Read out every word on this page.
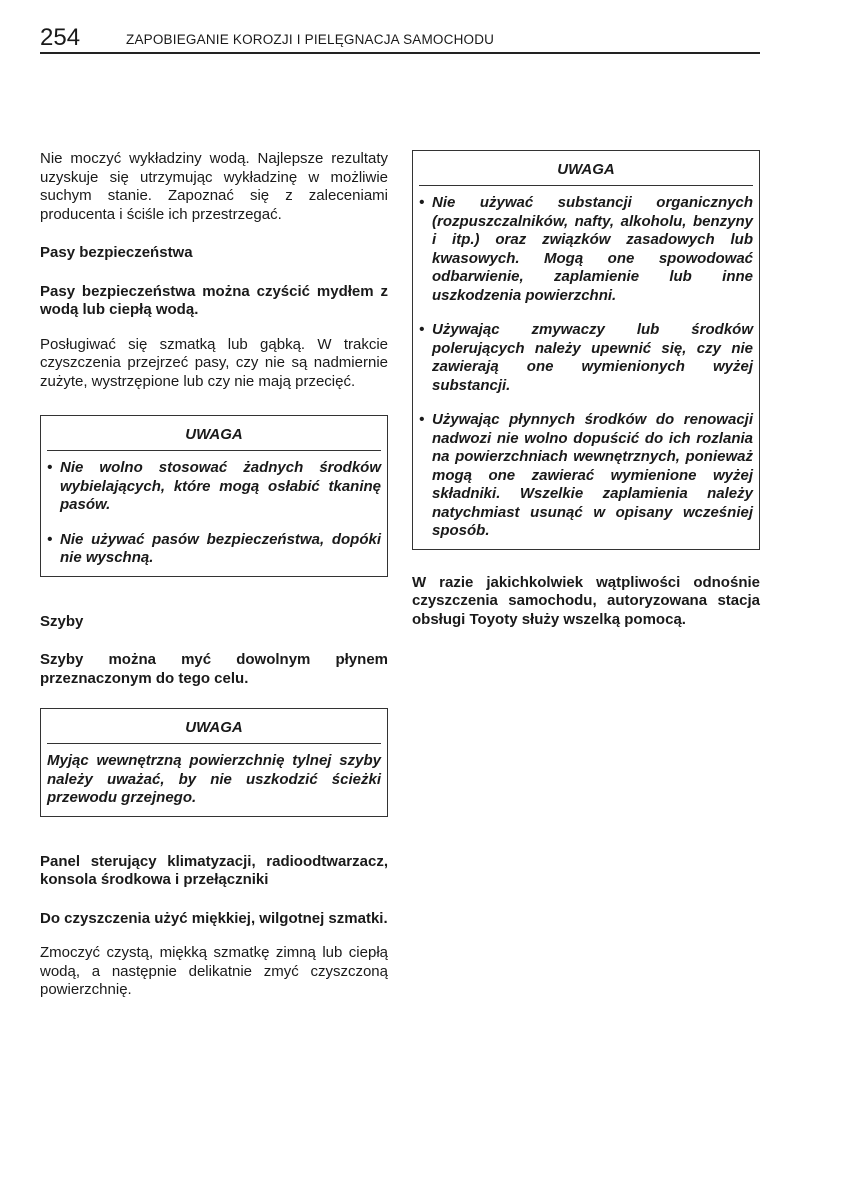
254	ZAPOBIEGANIE KOROZJI I PIELĘGNACJA SAMOCHODU

Nie moczyć wykładziny wodą. Najlepsze rezultaty uzyskuje się utrzymując wykładzinę w możliwie suchym stanie. Zapoznać się z zaleceniami producenta i ściśle ich przestrzegać.

Pasy bezpieczeństwa

Pasy bezpieczeństwa można czyścić mydłem z wodą lub ciepłą wodą.

Posługiwać się szmatką lub gąbką. W trakcie czyszczenia przejrzeć pasy, czy nie są nadmiernie zużyte, wystrzępione lub czy nie mają przecięć.

UWAGA

• Nie wolno stosować żadnych środków wybielających, które mogą osłabić tkaninę pasów.

• Nie używać pasów bezpieczeństwa, dopóki nie wyschną.

Szyby

Szyby można myć dowolnym płynem przeznaczonym do tego celu.

UWAGA

Myjąc wewnętrzną powierzchnię tylnej szyby należy uważać, by nie uszkodzić ścieżki przewodu grzejnego.

Panel sterujący klimatyzacji, radioodtwarzacz, konsola środkowa i przełączniki

Do czyszczenia użyć miękkiej, wilgotnej szmatki.

Zmoczyć czystą, miękką szmatkę zimną lub ciepłą wodą, a następnie delikatnie zmyć czyszczoną powierzchnię.

UWAGA

• Nie używać substancji organicznych (rozpuszczalników, nafty, alkoholu, benzyny i itp.) oraz związków zasadowych lub kwasowych. Mogą one spowodować odbarwienie, zaplamienie lub inne uszkodzenia powierzchni.

• Używając zmywaczy lub środków polerujących należy upewnić się, czy nie zawierają one wymienionych wyżej substancji.

• Używając płynnych środków do renowacji nadwozi nie wolno dopuścić do ich rozlania na powierzchniach wewnętrznych, ponieważ mogą one zawierać wymienione wyżej składniki. Wszelkie zaplamienia należy natychmiast usunąć w opisany wcześniej sposób.

W razie jakichkolwiek wątpliwości odnośnie czyszczenia samochodu, autoryzowana stacja obsługi Toyoty służy wszelką pomocą.
